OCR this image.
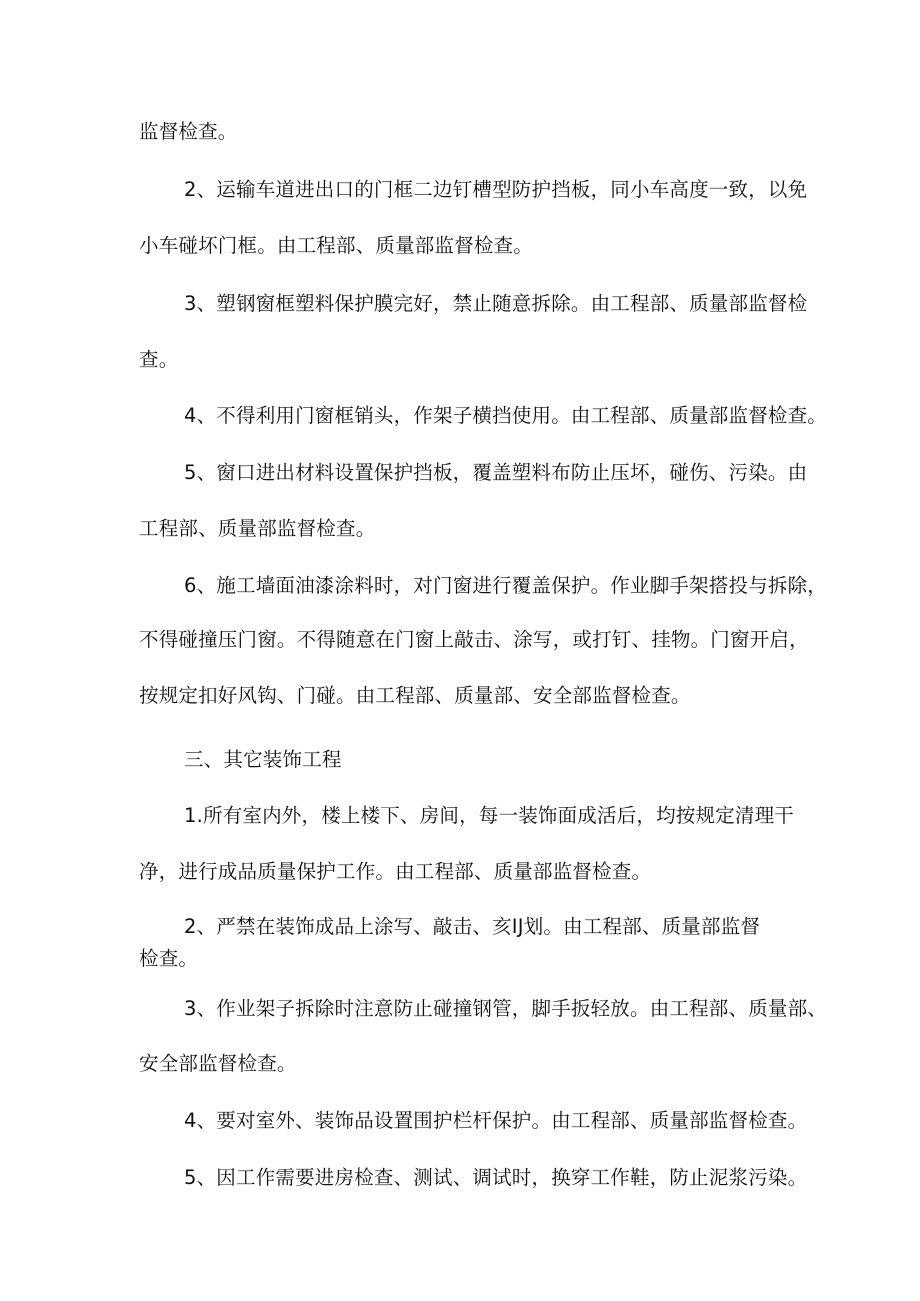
监督检查。
2、运输车道进出口的门框二边钉槽型防护挡板，同小车高度一致，以免
小车碰坏门框。由工程部、质量部监督检查。
3、塑钢窗框塑料保护膜完好，禁止随意拆除。由工程部、质量部监督检
查。
4、不得利用门窗框销头，作架子横挡使用。由工程部、质量部监督检查。
5、窗口进出材料设置保护挡板，覆盖塑料布防止压坏，碰伤、污染。由
工程部、质量部监督检查。
6、施工墙面油漆涂料时，对门窗进行覆盖保护。作业脚手架搭投与拆除，
不得碰撞压门窗。不得随意在门窗上敲击、涂写，或打钉、挂物。门窗开启，
按规定扣好风钩、门碰。由工程部、质量部、安全部监督检查。
三、其它装饰工程
1.所有室内外，楼上楼下、房间，每一装饰面成活后，均按规定清理干
净，进行成品质量保护工作。由工程部、质量部监督检查。
2、严禁在装饰成品上涂写、敲击、亥IJ划。由工程部、质量部监督
检查。
3、作业架子拆除时注意防止碰撞钢管，脚手扳轻放。由工程部、质量部、
安全部监督检查。
4、要对室外、装饰品设置围护栏杆保护。由工程部、质量部监督检查。
5、因工作需要进房检查、测试、调试时，换穿工作鞋，防止泥浆污染。
